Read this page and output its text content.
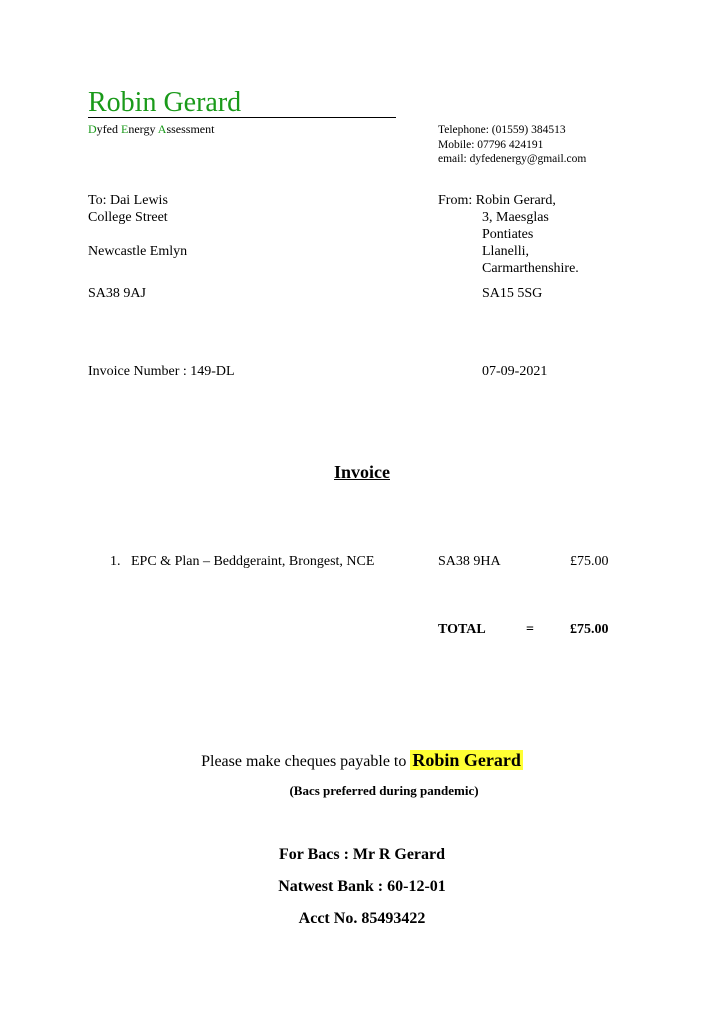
Robin Gerard
Dyfed Energy Assessment	Telephone: (01559) 384513
Mobile: 07796 424191
email: dyfedenergy@gmail.com
To: Dai Lewis
College Street
Newcastle Emlyn
SA38 9AJ
From: Robin Gerard,
3, Maesglas
Pontiates
Llanelli,
Carmarthenshire.
SA15 5SG
Invoice Number : 149-DL	07-09-2021
Invoice
1. EPC & Plan – Beddgeraint, Brongest, NCE	SA38 9HA	£75.00
TOTAL	=	£75.00
Please make cheques payable to Robin Gerard
(Bacs preferred during pandemic)
For Bacs : Mr R Gerard
Natwest Bank : 60-12-01
Acct No. 85493422
